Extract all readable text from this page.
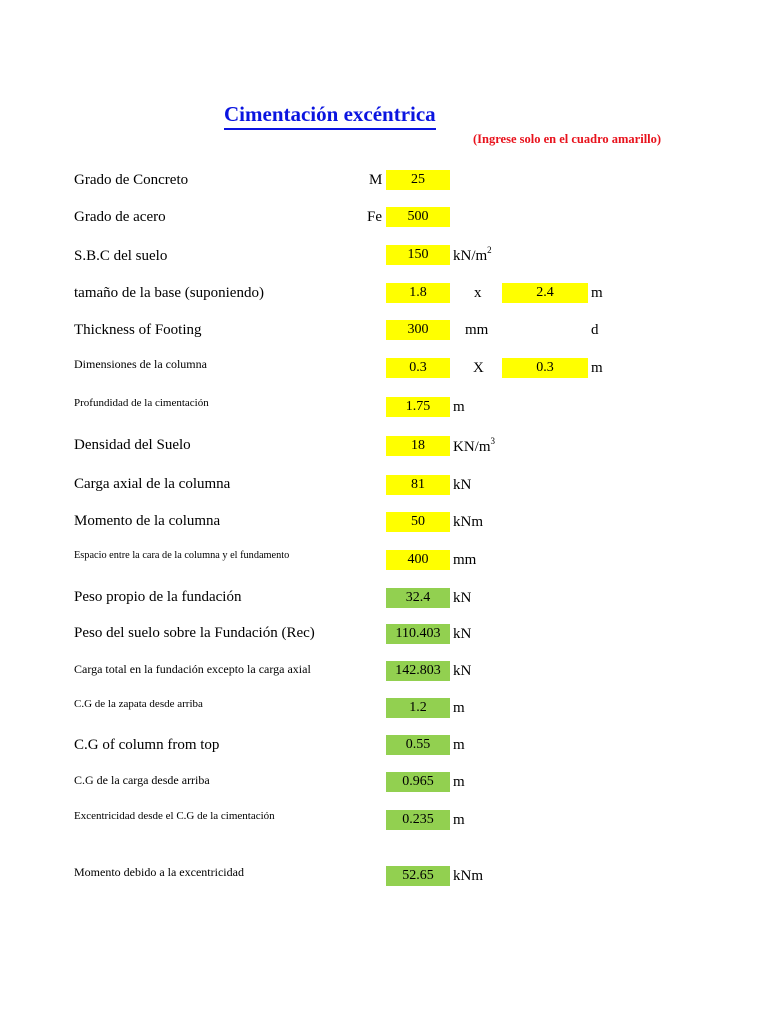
Cimentación excéntrica
(Ingrese solo en el cuadro amarillo)
Grado de Concreto	M	25
Grado de acero	Fe	500
S.B.C del suelo	150	$kN/m^2$
tamaño de la base (suponiendo)	1.8	x	2.4	m
Thickness of Footing	300	mm	d
Dimensiones de la columna	0.3	X	0.3	m
Profundidad de la cimentación	1.75	m
Densidad del Suelo	18	$KN/m^3$
Carga axial de la columna	81	kN
Momento de la columna	50	kNm
Espacio entre la cara de la columna y el fundamento	400	mm
Peso propio de la fundación	32.4	kN
Peso del suelo sobre la Fundación (Rec)	110.403 kN
Carga total en la fundación excepto la carga axial	142.803 kN
C.G de la zapata desde arriba	1.2	m
C.G of column from top	0.55	m
C.G de la carga desde arriba	0.965	m
Excentricidad desde el C.G de la cimentación	0.235	m
Momento debido a la excentricidad	52.65	kNm
